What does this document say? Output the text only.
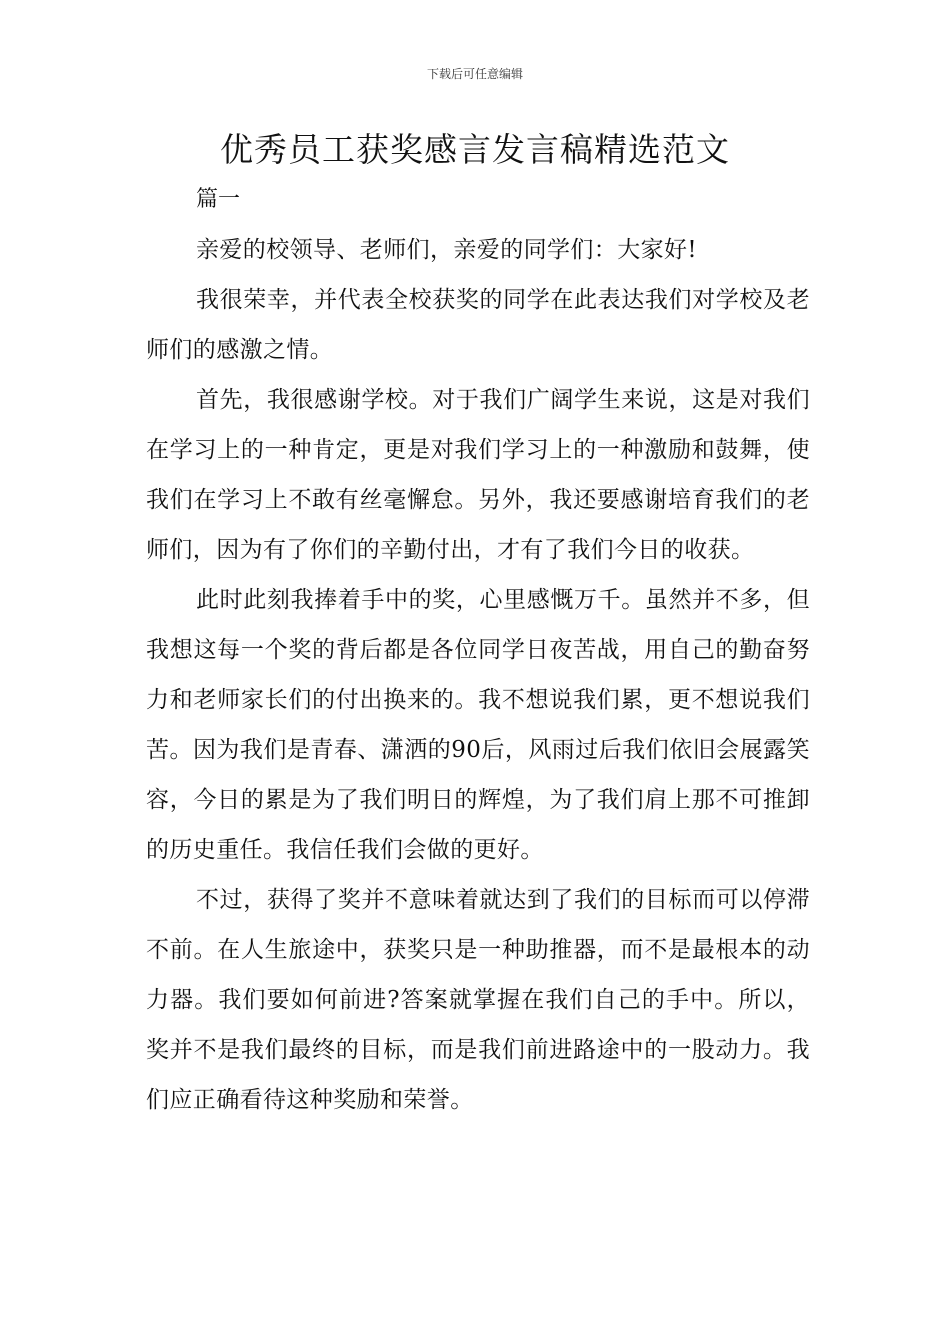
下载后可任意编辑
优秀员工获奖感言发言稿精选范文

篇一

亲爱的校领导、老师们，亲爱的同学们：大家好!

我很荣幸，并代表全校获奖的同学在此表达我们对学校及老师们的感激之情。

首先，我很感谢学校。对于我们广阔学生来说，这是对我们在学习上的一种肯定，更是对我们学习上的一种激励和鼓舞，使我们在学习上不敢有丝毫懈怠。另外，我还要感谢培育我们的老师们，因为有了你们的辛勤付出，才有了我们今日的收获。

此时此刻我捧着手中的奖，心里感慨万千。虽然并不多，但我想这每一个奖的背后都是各位同学日夜苦战，用自己的勤奋努力和老师家长们的付出换来的。我不想说我们累，更不想说我们苦。因为我们是青春、潇洒的90后，风雨过后我们依旧会展露笑容，今日的累是为了我们明日的辉煌，为了我们肩上那不可推卸的历史重任。我信任我们会做的更好。

不过，获得了奖并不意味着就达到了我们的目标而可以停滞不前。在人生旅途中，获奖只是一种助推器，而不是最根本的动力器。我们要如何前进?答案就掌握在我们自己的手中。所以，奖并不是我们最终的目标，而是我们前进路途中的一股动力。我们应正确看待这种奖励和荣誉。
